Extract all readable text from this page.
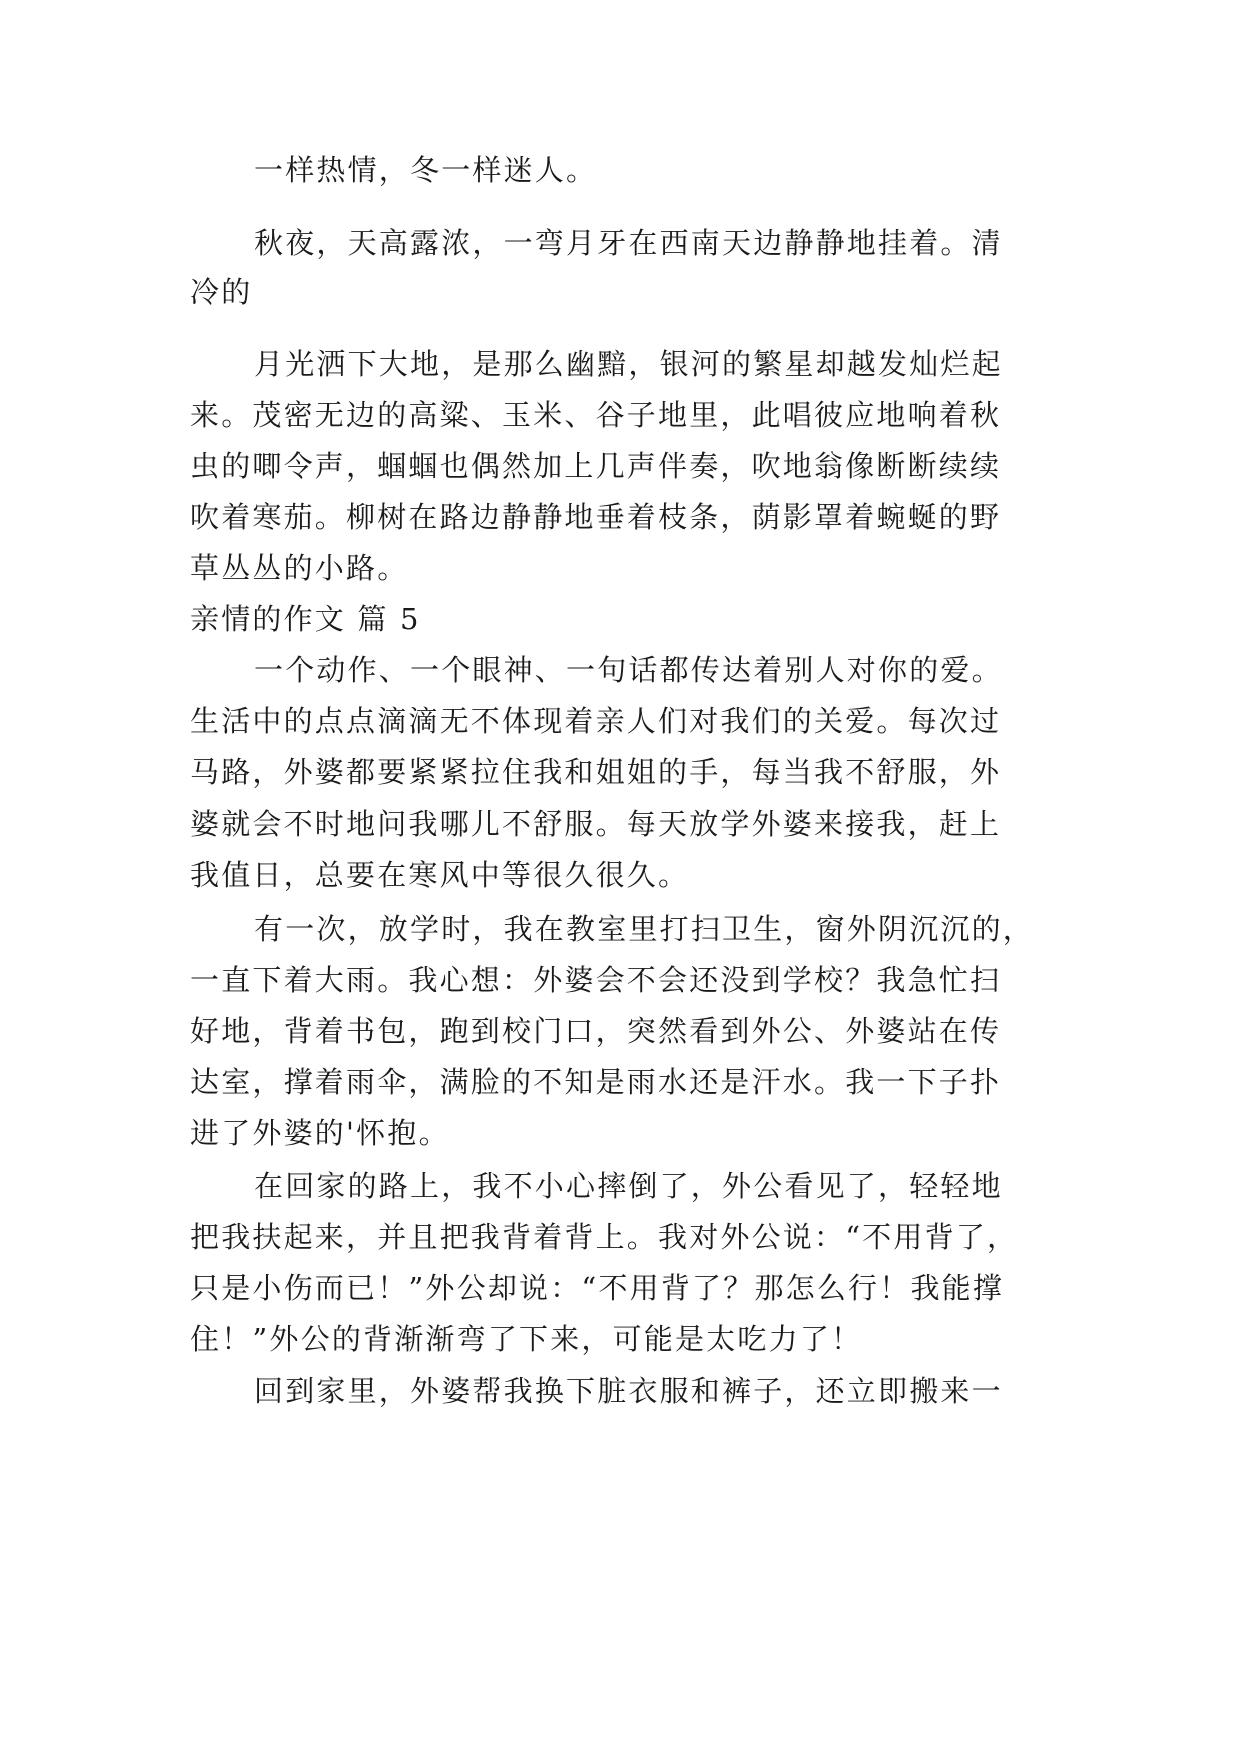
一样热情，冬一样迷人。
秋夜，天高露浓，一弯月牙在西南天边静静地挂着。清
冷的
月光洒下大地，是那么幽黯，银河的繁星却越发灿烂起
来。茂密无边的高粱、玉米、谷子地里，此唱彼应地响着秋
虫的唧令声，蝈蝈也偶然加上几声伴奏，吹地翁像断断续续
吹着寒茄。柳树在路边静静地垂着枝条，荫影罩着蜿蜒的野
草丛丛的小路。
亲情的作文 篇 5
一个动作、一个眼神、一句话都传达着别人对你的爱。
生活中的点点滴滴无不体现着亲人们对我们的关爱。每次过
马路，外婆都要紧紧拉住我和姐姐的手，每当我不舒服，外
婆就会不时地问我哪儿不舒服。每天放学外婆来接我，赶上
我值日，总要在寒风中等很久很久。
有一次，放学时，我在教室里打扫卫生，窗外阴沉沉的，
一直下着大雨。我心想：外婆会不会还没到学校？我急忙扫
好地，背着书包，跑到校门口，突然看到外公、外婆站在传
达室，撑着雨伞，满脸的不知是雨水还是汗水。我一下子扑
进了外婆的'怀抱。
在回家的路上，我不小心摔倒了，外公看见了，轻轻地
把我扶起来，并且把我背着背上。我对外公说：“不用背了，
只是小伤而已！”外公却说：“不用背了？那怎么行！我能撑
住！”外公的背渐渐弯了下来，可能是太吃力了！
回到家里，外婆帮我换下脏衣服和裤子，还立即搬来一
